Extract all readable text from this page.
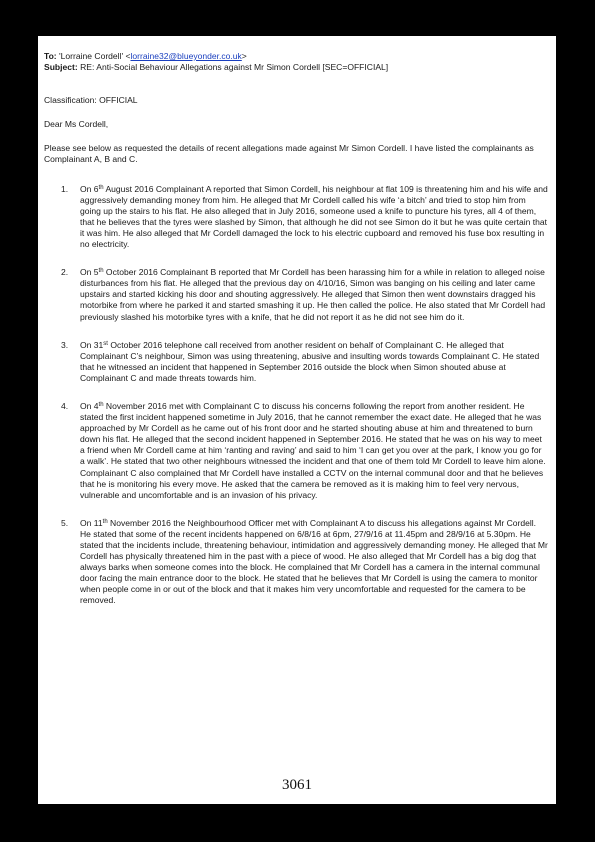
To: 'Lorraine Cordell' <lorraine32@blueyonder.co.uk>
Subject: RE: Anti-Social Behaviour Allegations against Mr Simon Cordell [SEC=OFFICIAL]
Classification: OFFICIAL
Dear Ms Cordell,
Please see below as requested the details of recent allegations made against Mr Simon Cordell. I have listed the complainants as Complainant A, B and C.
1. On 6th August 2016 Complainant A reported that Simon Cordell, his neighbour at flat 109 is threatening him and his wife and aggressively demanding money from him. He alleged that Mr Cordell called his wife ‘a bitch’ and tried to stop him from going up the stairs to his flat. He also alleged that in July 2016, someone used a knife to puncture his tyres, all 4 of them, that he believes that the tyres were slashed by Simon, that although he did not see Simon do it but he was quite certain that it was him. He also alleged that Mr Cordell damaged the lock to his electric cupboard and removed his fuse box resulting in no electricity.
2. On 5th October 2016 Complainant B reported that Mr Cordell has been harassing him for a while in relation to alleged noise disturbances from his flat. He alleged that the previous day on 4/10/16, Simon was banging on his ceiling and later came upstairs and started kicking his door and shouting aggressively. He alleged that Simon then went downstairs dragged his motorbike from where he parked it and started smashing it up. He then called the police. He also stated that Mr Cordell had previously slashed his motorbike tyres with a knife, that he did not report it as he did not see him do it.
3. On 31st October 2016 telephone call received from another resident on behalf of Complainant C. He alleged that Complainant C’s neighbour, Simon was using threatening, abusive and insulting words towards Complainant C. He stated that he witnessed an incident that happened in September 2016 outside the block when Simon shouted abuse at Complainant C and made threats towards him.
4. On 4th November 2016 met with Complainant C to discuss his concerns following the report from another resident. He stated the first incident happened sometime in July 2016, that he cannot remember the exact date. He alleged that he was approached by Mr Cordell as he came out of his front door and he started shouting abuse at him and threatened to burn down his flat. He alleged that the second incident happened in September 2016. He stated that he was on his way to meet a friend when Mr Cordell came at him ‘ranting and raving’ and said to him ‘I can get you over at the park, I know you go for a walk’. He stated that two other neighbours witnessed the incident and that one of them told Mr Cordell to leave him alone. Complainant C also complained that Mr Cordell have installed a CCTV on the internal communal door and that he believes that he is monitoring his every move. He asked that the camera be removed as it is making him to feel very nervous, vulnerable and uncomfortable and is an invasion of his privacy.
5. On 11th November 2016 the Neighbourhood Officer met with Complainant A to discuss his allegations against Mr Cordell. He stated that some of the recent incidents happened on 6/8/16 at 6pm, 27/9/16 at 11.45pm and 28/9/16 at 5.30pm. He stated that the incidents include, threatening behaviour, intimidation and aggressively demanding money. He alleged that Mr Cordell has physically threatened him in the past with a piece of wood. He also alleged that Mr Cordell has a big dog that always barks when someone comes into the block. He complained that Mr Cordell has a camera in the internal communal door facing the main entrance door to the block. He stated that he believes that Mr Cordell is using the camera to monitor when people come in or out of the block and that it makes him very uncomfortable and requested for the camera to be removed.
3061
